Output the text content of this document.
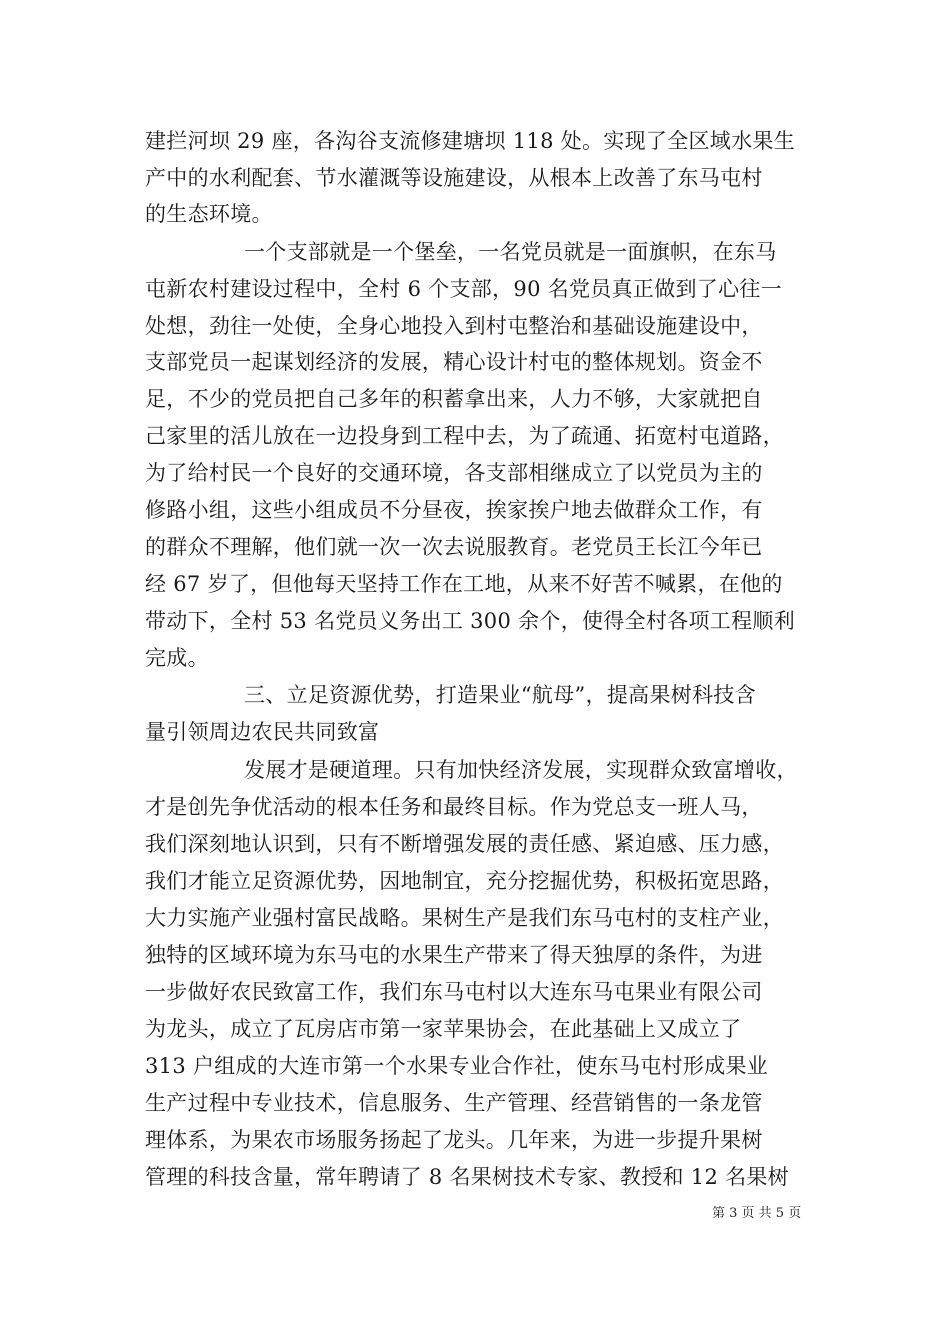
建拦河坝 29 座，各沟谷支流修建塘坝 118 处。实现了全区域水果生
产中的水利配套、节水灌溉等设施建设，从根本上改善了东马屯村
的生态环境。
一个支部就是一个堡垒，一名党员就是一面旗帜，在东马
屯新农村建设过程中，全村 6 个支部，90 名党员真正做到了心往一
处想，劲往一处使，全身心地投入到村屯整治和基础设施建设中，
支部党员一起谋划经济的发展，精心设计村屯的整体规划。资金不
足，不少的党员把自己多年的积蓄拿出来，人力不够，大家就把自
己家里的活儿放在一边投身到工程中去，为了疏通、拓宽村屯道路，
为了给村民一个良好的交通环境，各支部相继成立了以党员为主的
修路小组，这些小组成员不分昼夜，挨家挨户地去做群众工作，有
的群众不理解，他们就一次一次去说服教育。老党员王长江今年已
经 67 岁了，但他每天坚持工作在工地，从来不好苦不喊累，在他的
带动下，全村 53 名党员义务出工 300 余个，使得全村各项工程顺利
完成。
三、立足资源优势，打造果业“航母”，提高果树科技含
量引领周边农民共同致富
发展才是硬道理。只有加快经济发展，实现群众致富增收，
才是创先争优活动的根本任务和最终目标。作为党总支一班人马，
我们深刻地认识到，只有不断增强发展的责任感、紧迫感、压力感，
我们才能立足资源优势，因地制宜，充分挖掘优势，积极拓宽思路，
大力实施产业强村富民战略。果树生产是我们东马屯村的支柱产业，
独特的区域环境为东马屯的水果生产带来了得天独厚的条件，为进
一步做好农民致富工作，我们东马屯村以大连东马屯果业有限公司
为龙头，成立了瓦房店市第一家苹果协会，在此基础上又成立了
313 户组成的大连市第一个水果专业合作社，使东马屯村形成果业
生产过程中专业技术，信息服务、生产管理、经营销售的一条龙管
理体系，为果农市场服务扬起了龙头。几年来，为进一步提升果树
管理的科技含量，常年聘请了 8 名果树技术专家、教授和 12 名果树
第 3 页 共 5 页
